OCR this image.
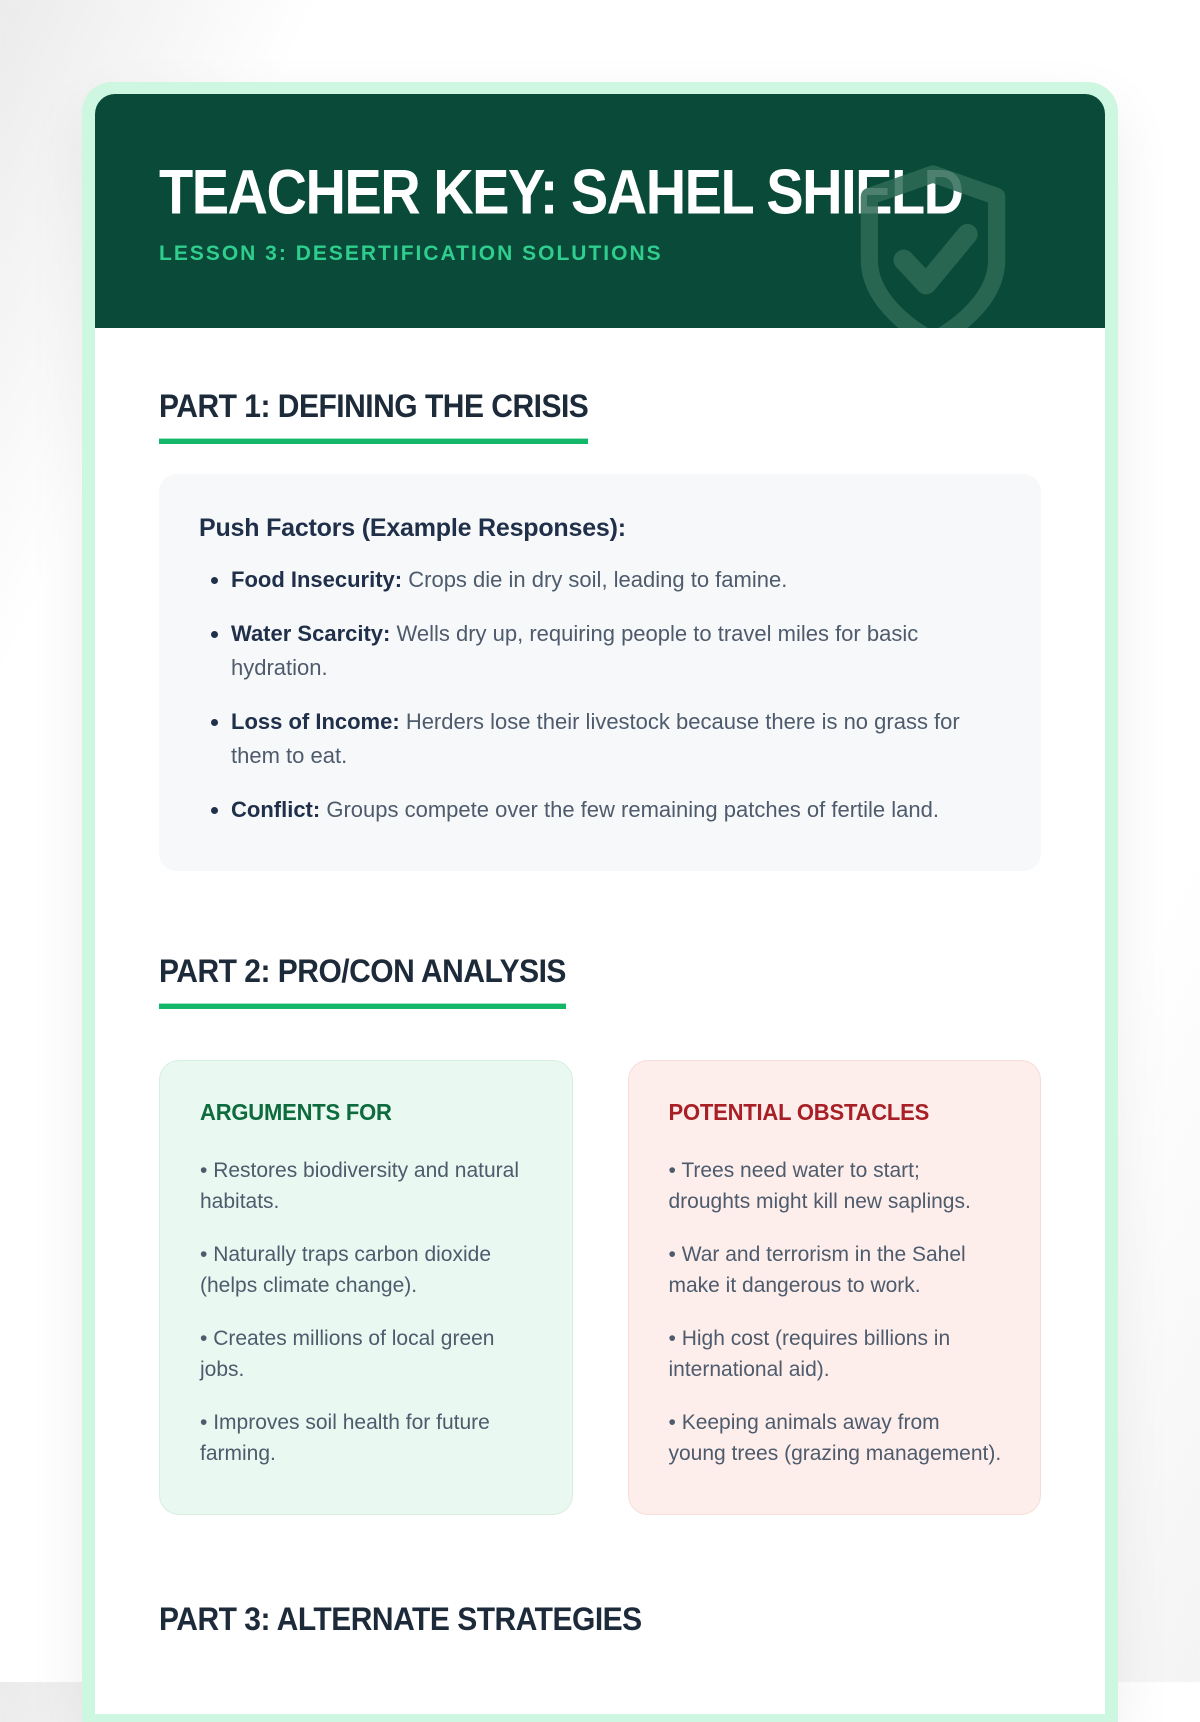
TEACHER KEY: SAHEL SHIELD
LESSON 3: DESERTIFICATION SOLUTIONS
PART 1: DEFINING THE CRISIS
Push Factors (Example Responses):
• Food Insecurity: Crops die in dry soil, leading to famine.
• Water Scarcity: Wells dry up, requiring people to travel miles for basic hydration.
• Loss of Income: Herders lose their livestock because there is no grass for them to eat.
• Conflict: Groups compete over the few remaining patches of fertile land.
PART 2: PRO/CON ANALYSIS
ARGUMENTS FOR

• Restores biodiversity and natural habitats.

• Naturally traps carbon dioxide (helps climate change).

• Creates millions of local green jobs.

• Improves soil health for future farming.

POTENTIAL OBSTACLES

• Trees need water to start; droughts might kill new saplings.

• War and terrorism in the Sahel make it dangerous to work.

• High cost (requires billions in international aid).

• Keeping animals away from young trees (grazing management).

PART 3: ALTERNATE STRATEGIES
